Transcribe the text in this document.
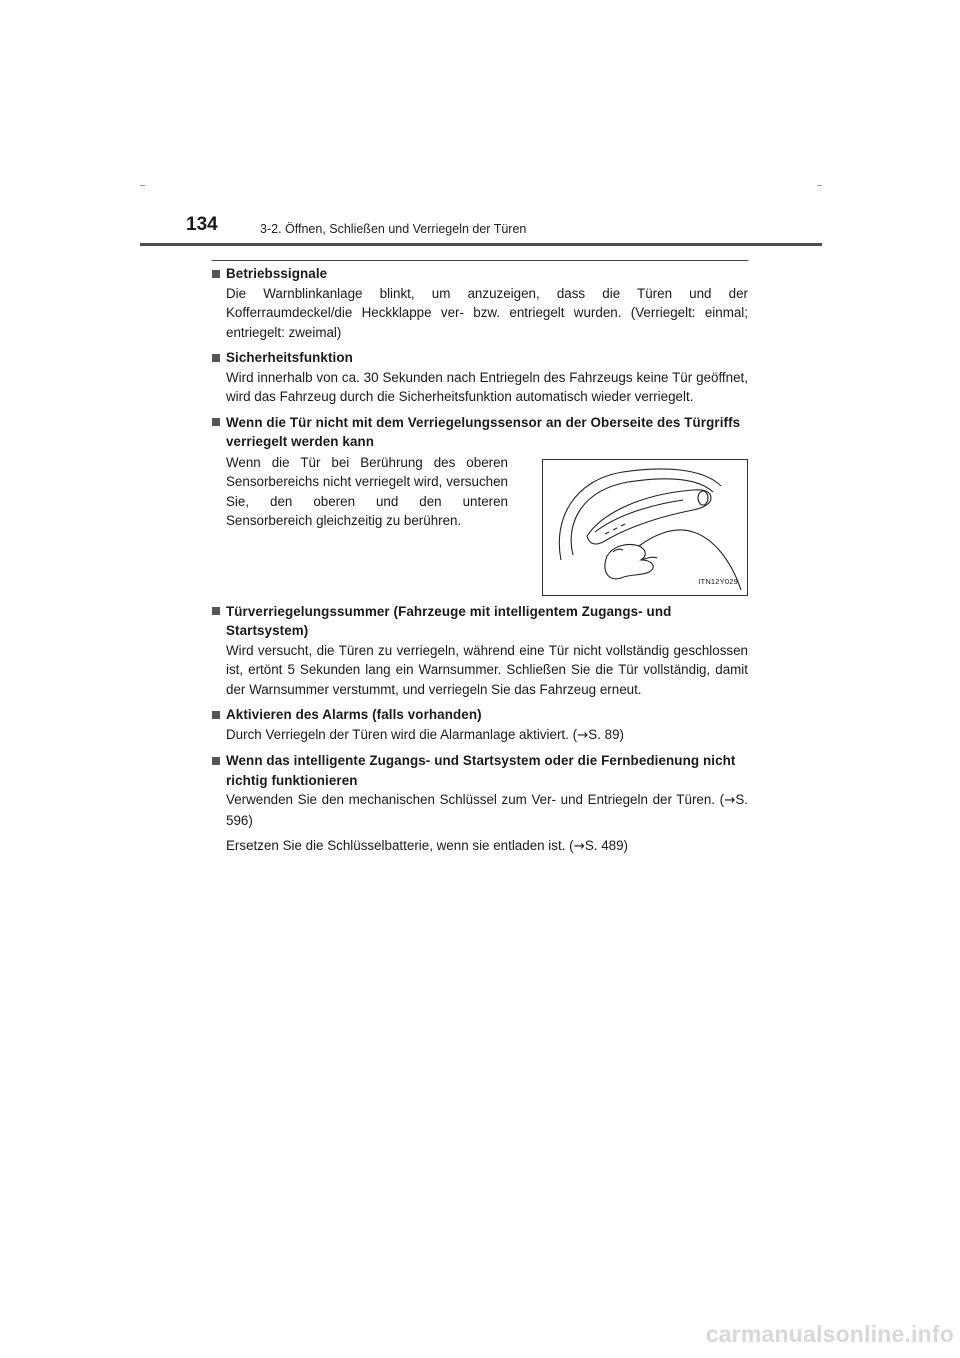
134	3-2. Öffnen, Schließen und Verriegeln der Türen
Betriebssignale

Die Warnblinkanlage blinkt, um anzuzeigen, dass die Türen und der Kofferraumdeckel/die Heckklappe ver- bzw. entriegelt wurden. (Verriegelt: einmal; entriegelt: zweimal)

Sicherheitsfunktion

Wird innerhalb von ca. 30 Sekunden nach Entriegeln des Fahrzeugs keine Tür geöffnet, wird das Fahrzeug durch die Sicherheitsfunktion automatisch wieder verriegelt.

Wenn die Tür nicht mit dem Verriegelungssensor an der Oberseite des Türgriffs verriegelt werden kann
Wenn die Tür bei Berührung des oberen Sensorbereichs nicht verriegelt wird, versuchen Sie, den oberen und den unteren Sensorbereich gleichzeitig zu berühren.
ITN12Y029
Türverriegelungssummer (Fahrzeuge mit intelligentem Zugangs- und Startsystem)

Wird versucht, die Türen zu verriegeln, während eine Tür nicht vollständig geschlossen ist, ertönt 5 Sekunden lang ein Warnsummer. Schließen Sie die Tür vollständig, damit der Warnsummer verstummt, und verriegeln Sie das Fahrzeug erneut.

Aktivieren des Alarms (falls vorhanden)

Durch Verriegeln der Türen wird die Alarmanlage aktiviert. (→S. 89)

Wenn das intelligente Zugangs- und Startsystem oder die Fernbedienung nicht richtig funktionieren

Verwenden Sie den mechanischen Schlüssel zum Ver- und Entriegeln der Türen. (→S. 596)

Ersetzen Sie die Schlüsselbatterie, wenn sie entladen ist. (→S. 489)

carmanualsonline.info
